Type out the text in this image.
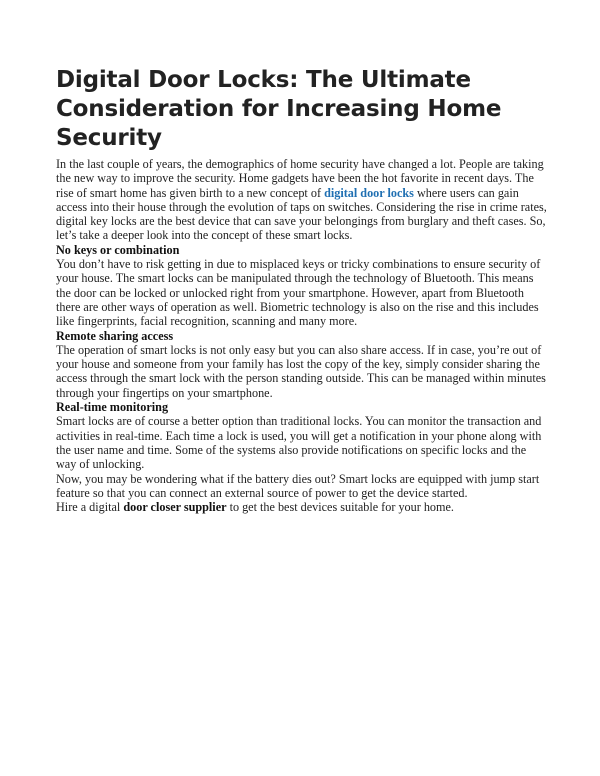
Digital Door Locks: The Ultimate Consideration for Increasing Home Security

In the last couple of years, the demographics of home security have changed a lot. People are taking the new way to improve the security. Home gadgets have been the hot favorite in recent days. The rise of smart home has given birth to a new concept of digital door locks where users can gain access into their house through the evolution of taps on switches. Considering the rise in crime rates, digital key locks are the best device that can save your belongings from burglary and theft cases. So, let’s take a deeper look into the concept of these smart locks.

No keys or combination

You don’t have to risk getting in due to misplaced keys or tricky combinations to ensure security of your house. The smart locks can be manipulated through the technology of Bluetooth. This means the door can be locked or unlocked right from your smartphone. However, apart from Bluetooth there are other ways of operation as well. Biometric technology is also on the rise and this includes like fingerprints, facial recognition, scanning and many more.

Remote sharing access

The operation of smart locks is not only easy but you can also share access. If in case, you’re out of your house and someone from your family has lost the copy of the key, simply consider sharing the access through the smart lock with the person standing outside. This can be managed within minutes through your fingertips on your smartphone.

Real-time monitoring

Smart locks are of course a better option than traditional locks. You can monitor the transaction and activities in real-time. Each time a lock is used, you will get a notification in your phone along with the user name and time. Some of the systems also provide notifications on specific locks and the way of unlocking.

Now, you may be wondering what if the battery dies out? Smart locks are equipped with jump start feature so that you can connect an external source of power to get the device started.

Hire a digital door closer supplier to get the best devices suitable for your home.
